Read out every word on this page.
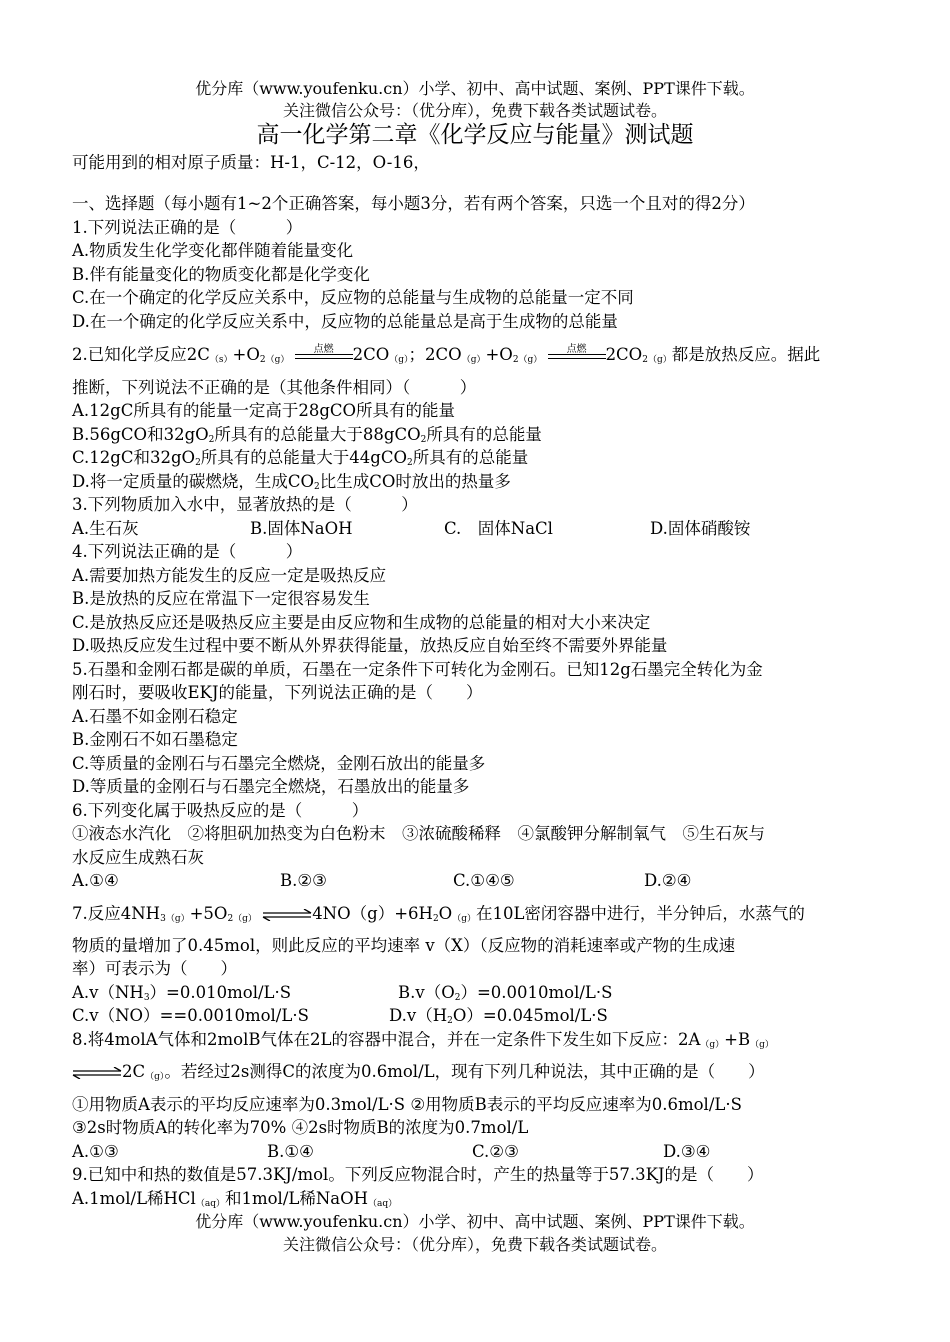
优分库（www.youfenku.cn）小学、初中、高中试题、案例、PPT课件下载。
关注微信公众号：（优分库），免费下载各类试题试卷。
高一化学第二章《化学反应与能量》测试题
可能用到的相对原子质量：H-1，C-12，O-16，
一、选择题（每小题有1~2个正确答案，每小题3分，若有两个答案，只选一个且对的得2分）
1.下列说法正确的是（　　　）
A.物质发生化学变化都伴随着能量变化
B.伴有能量变化的物质变化都是化学变化
C.在一个确定的化学反应关系中，反应物的总能量与生成物的总能量一定不同
D.在一个确定的化学反应关系中，反应物的总能量总是高于生成物的总能量
2.已知化学反应$2C_{(s)}+O_{2(g)}$
点燃	$2CO_{(g)}$；$2CO_{(g)}+O_{2(g)}$
点燃	$2CO_{2(g)}$都是放热反应。据此
推断，下列说法不正确的是（其他条件相同）（　　　）
A.12gC所具有的能量一定高于28gCO所具有的能量
B.56gCO和$32gO_2$所具有的总能量大于88gCO$_2$所具有的总能量
C.12gC和$32gO_2$所具有的总能量大于44gCO$_2$所具有的总能量
D.将一定质量的碳燃烧，生成$CO_2$比生成CO时放出的热量多
3.下列物质加入水中，显著放热的是（　　　）
A.生石灰	B.固体NaOH	C.　固体NaCl	D.固体硝酸铵
4.下列说法正确的是（　　　）
A.需要加热方能发生的反应一定是吸热反应
B.是放热的反应在常温下一定很容易发生
C.是放热反应还是吸热反应主要是由反应物和生成物的总能量的相对大小来决定
D.吸热反应发生过程中要不断从外界获得能量，放热反应自始至终不需要外界能量
5.石墨和金刚石都是碳的单质，石墨在一定条件下可转化为金刚石。已知12g石墨完全转化为金
刚石时，要吸收EKJ的能量，下列说法正确的是（　　）
A.石墨不如金刚石稳定
B.金刚石不如石墨稳定
C.等质量的金刚石与石墨完全燃烧，金刚石放出的能量多
D.等质量的金刚石与石墨完全燃烧，石墨放出的能量多
6.下列变化属于吸热反应的是（　　　）
①液态水汽化　②将胆矾加热变为白色粉末　③浓硫酸稀释　④氯酸钾分解制氧气　⑤生石灰与
水反应生成熟石灰
A.①④	B.②③	C.①④⑤	D.②④
7.反应$4NH_{3(g)}+5O_{2(g)}$ $\rightleftharpoons 4NO(g)+6H_2O_{(g)}$在10L密闭容器中进行，半分钟后，水蒸气的
物质的量增加了0.45mol，则此反应的平均速率 v（X）（反应物的消耗速率或产物的生成速
率）可表示为（　　）
$A.v(NH_3)=0.010mol/L\cdot S$	$B.v(O_2)=0.0010mol/L\cdot S$
C.v（NO）==0.0010mol/L·S	$D.v(H_2O)=0.045mol/L\cdot S$
8.将4molA气体和2molB气体在2L的容器中混合，并在一定条件下发生如下反应：$2A_{(g)}+B_{(g)}$
$\rightleftharpoons 2C_{(g)}$。若经过2s测得C的浓度为0.6mol/L，现有下列几种说法，其中正确的是（　　）
①用物质A表示的平均反应速率为0.3mol/L·S ②用物质B表示的平均反应速率为0.6mol/L·S
③2s时物质A的转化率为70% ④2s时物质B的浓度为0.7mol/L
A.①③	B.①④	C.②③	D.③④
9.已知中和热的数值是57.3KJ/mol。下列反应物混合时，产生的热量等于57.3KJ的是（　　）
A.1mol/L稀HCl$_{(aq)}$和1mol/L稀NaOH$_{(aq)}$
优分库（www.youfenku.cn）小学、初中、高中试题、案例、PPT课件下载。
关注微信公众号：（优分库），免费下载各类试题试卷。
